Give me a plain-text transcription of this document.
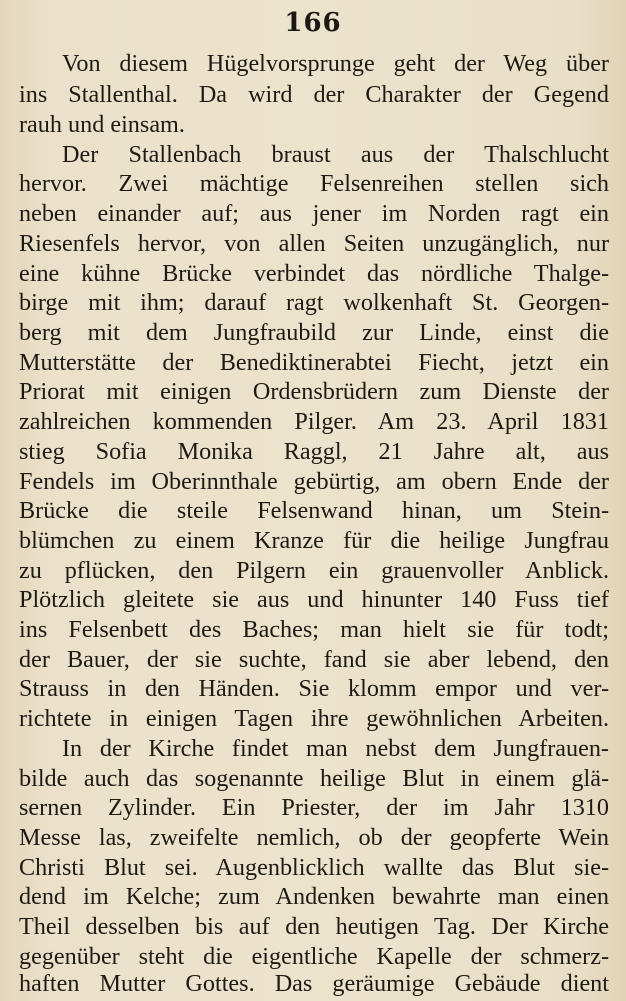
166
Von diesem Hügelvorsprunge geht der Weg über
ins Stallenthal. Da wird der Charakter der Gegend
rauh und einsam.
Der Stallenbach braust aus der Thalschlucht
hervor. Zwei mächtige Felsenreihen stellen sich
neben einander auf; aus jener im Norden ragt ein
Riesenfels hervor, von allen Seiten unzugänglich, nur
eine kühne Brücke verbindet das nördliche Thalge-
birge mit ihm; darauf ragt wolkenhaft St. Georgen-
berg mit dem Jungfraubild zur Linde, einst die
Mutterstätte der Benediktinerabtei Fiecht, jetzt ein
Priorat mit einigen Ordensbrüdern zum Dienste der
zahlreichen kommenden Pilger. Am 23. April 1831
stieg Sofia Monika Raggl, 21 Jahre alt, aus
Fendels im Oberinnthale gebürtig, am obern Ende der
Brücke die steile Felsenwand hinan, um Stein-
blümchen zu einem Kranze für die heilige Jungfrau
zu pflücken, den Pilgern ein grauenvoller Anblick.
Plötzlich gleitete sie aus und hinunter 140 Fuss tief
ins Felsenbett des Baches; man hielt sie für todt;
der Bauer, der sie suchte, fand sie aber lebend, den
Strauss in den Händen. Sie klomm empor und ver-
richtete in einigen Tagen ihre gewöhnlichen Arbeiten.
In der Kirche findet man nebst dem Jungfrauen-
bilde auch das sogenannte heilige Blut in einem glä-
sernen Zylinder. Ein Priester, der im Jahr 1310
Messe las, zweifelte nemlich, ob der geopferte Wein
Christi Blut sei. Augenblicklich wallte das Blut sie-
dend im Kelche; zum Andenken bewahrte man einen
Theil desselben bis auf den heutigen Tag. Der Kirche
gegenüber steht die eigentliche Kapelle der schmerz-
haften Mutter Gottes. Das geräumige Gebäude dient
